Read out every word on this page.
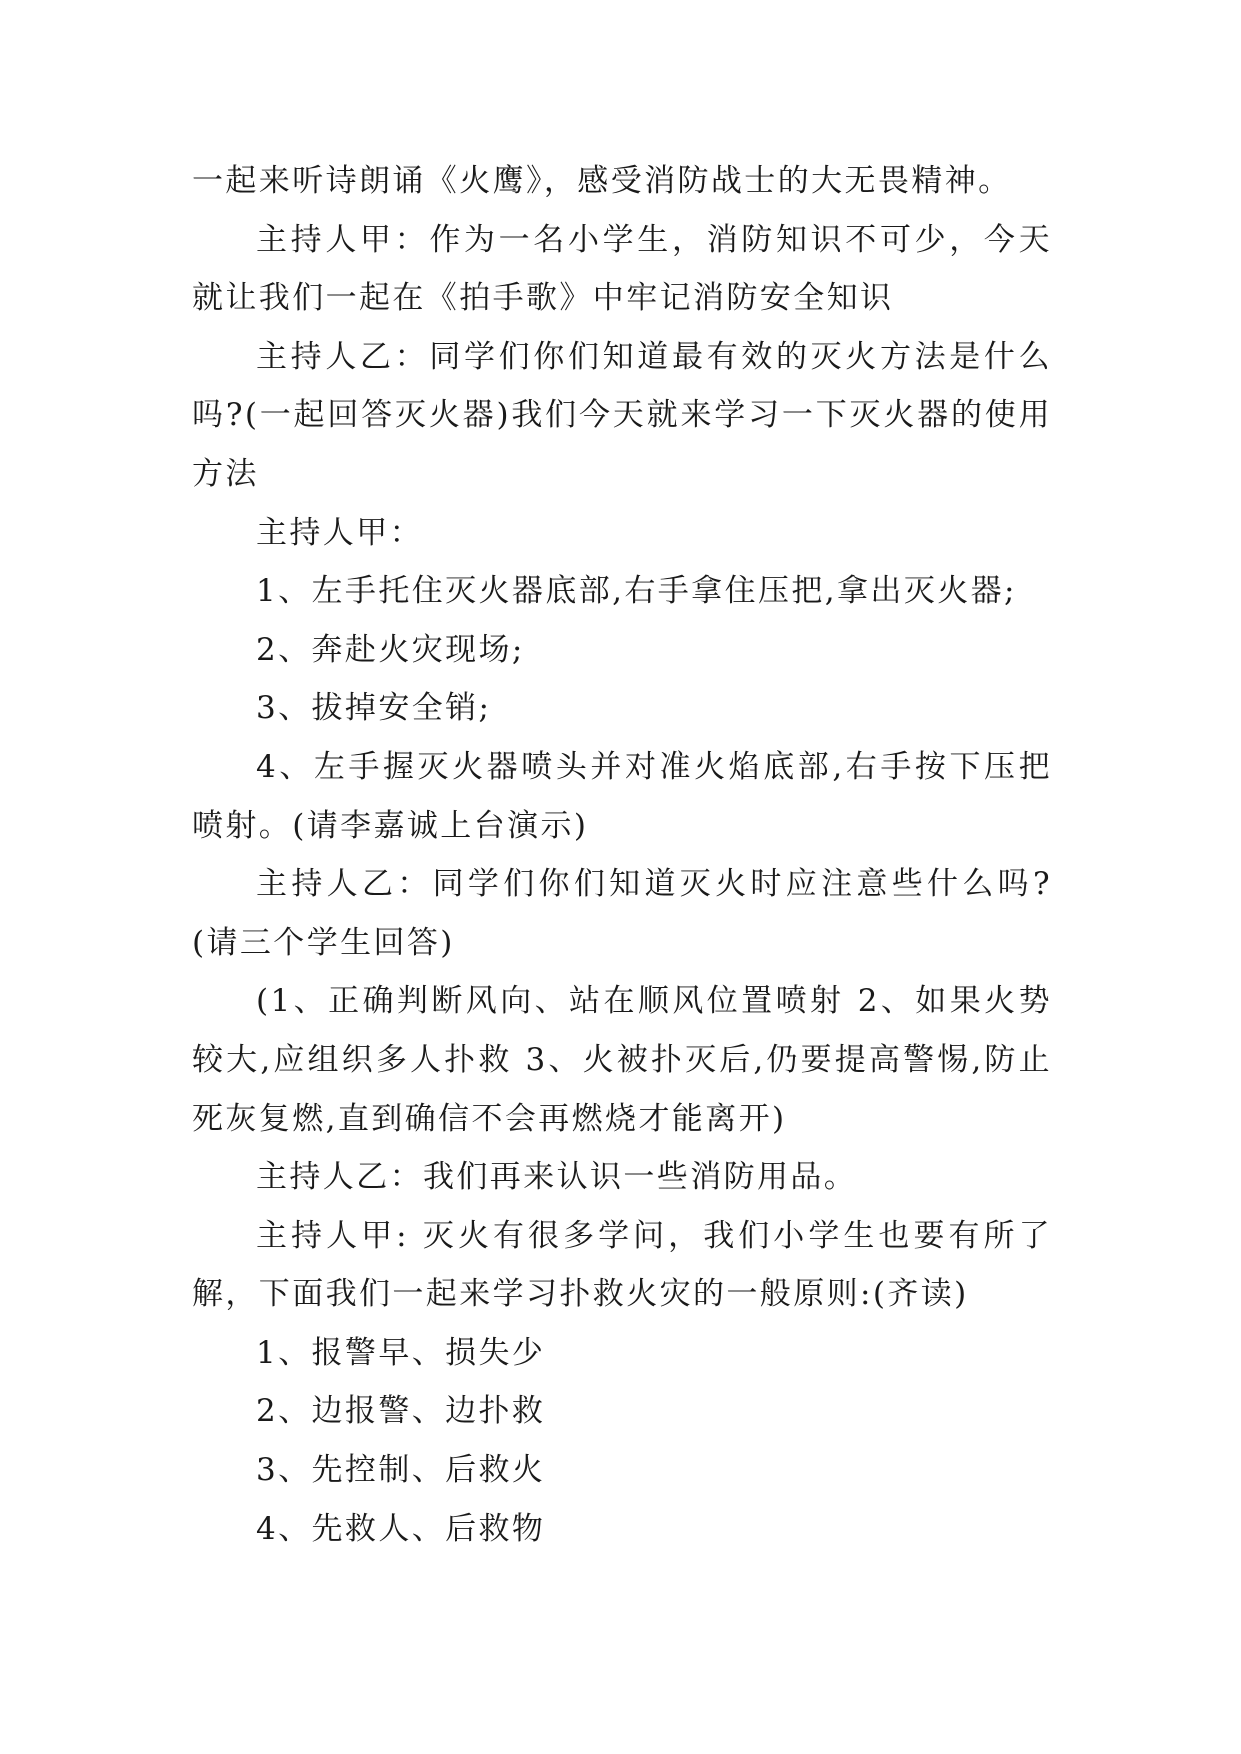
一起来听诗朗诵《火鹰》，感受消防战士的大无畏精神。

主持人甲：作为一名小学生，消防知识不可少，今天就让我们一起在《拍手歌》中牢记消防安全知识

主持人乙：同学们你们知道最有效的灭火方法是什么吗?(一起回答灭火器)我们今天就来学习一下灭火器的使用方法

主持人甲：

1、左手托住灭火器底部,右手拿住压把,拿出灭火器;

2、奔赴火灾现场;

3、拔掉安全销;

4、左手握灭火器喷头并对准火焰底部,右手按下压把喷射。(请李嘉诚上台演示)

主持人乙：同学们你们知道灭火时应注意些什么吗?(请三个学生回答)

(1、正确判断风向、站在顺风位置喷射 2、如果火势较大,应组织多人扑救 3、火被扑灭后,仍要提高警惕,防止死灰复燃,直到确信不会再燃烧才能离开)

主持人乙：我们再来认识一些消防用品。

主持人甲: 灭火有很多学问，我们小学生也要有所了解，下面我们一起来学习扑救火灾的一般原则:(齐读)

1、报警早、损失少

2、边报警、边扑救

3、先控制、后救火

4、先救人、后救物
